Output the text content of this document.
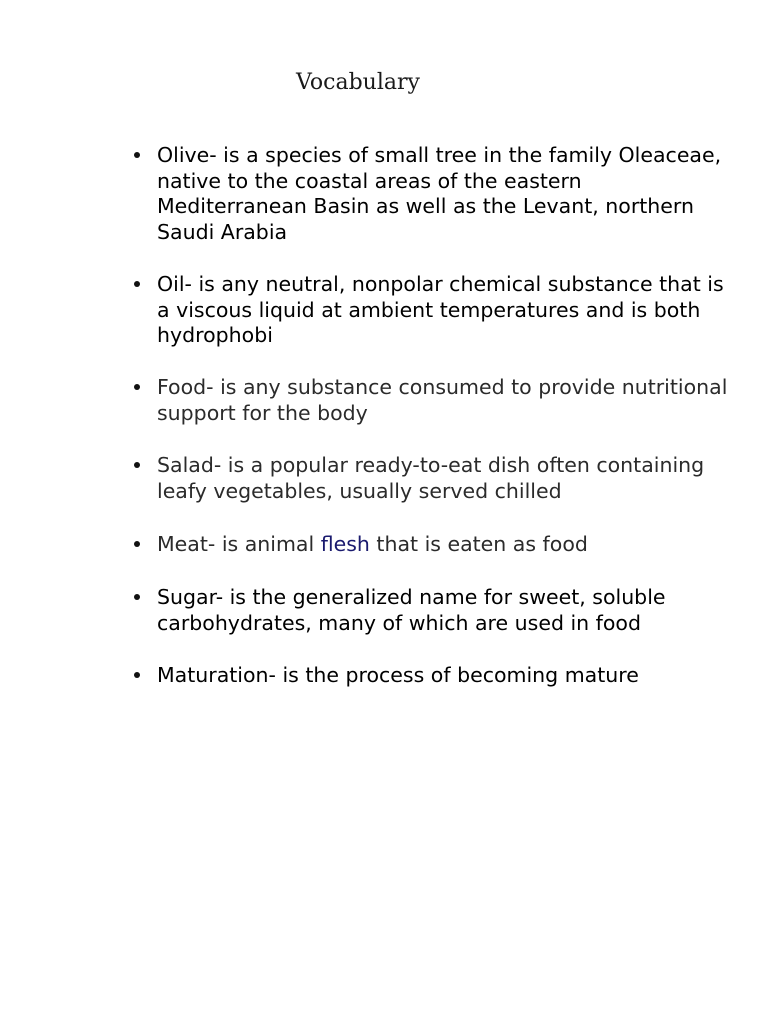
Vocabulary
Olive- is a species of small tree in the family Oleaceae, native to the coastal areas of the eastern Mediterranean Basin as well as the Levant, northern Saudi Arabia
Oil- is any neutral, nonpolar chemical substance that is a viscous liquid at ambient temperatures and is both hydrophobi
Food- is any substance consumed to provide nutritional support for the body
Salad- is a popular ready-to-eat dish often containing leafy vegetables, usually served chilled
Meat- is animal flesh that is eaten as food
Sugar- is the generalized name for sweet, soluble carbohydrates, many of which are used in food
Maturation- is the process of becoming mature
